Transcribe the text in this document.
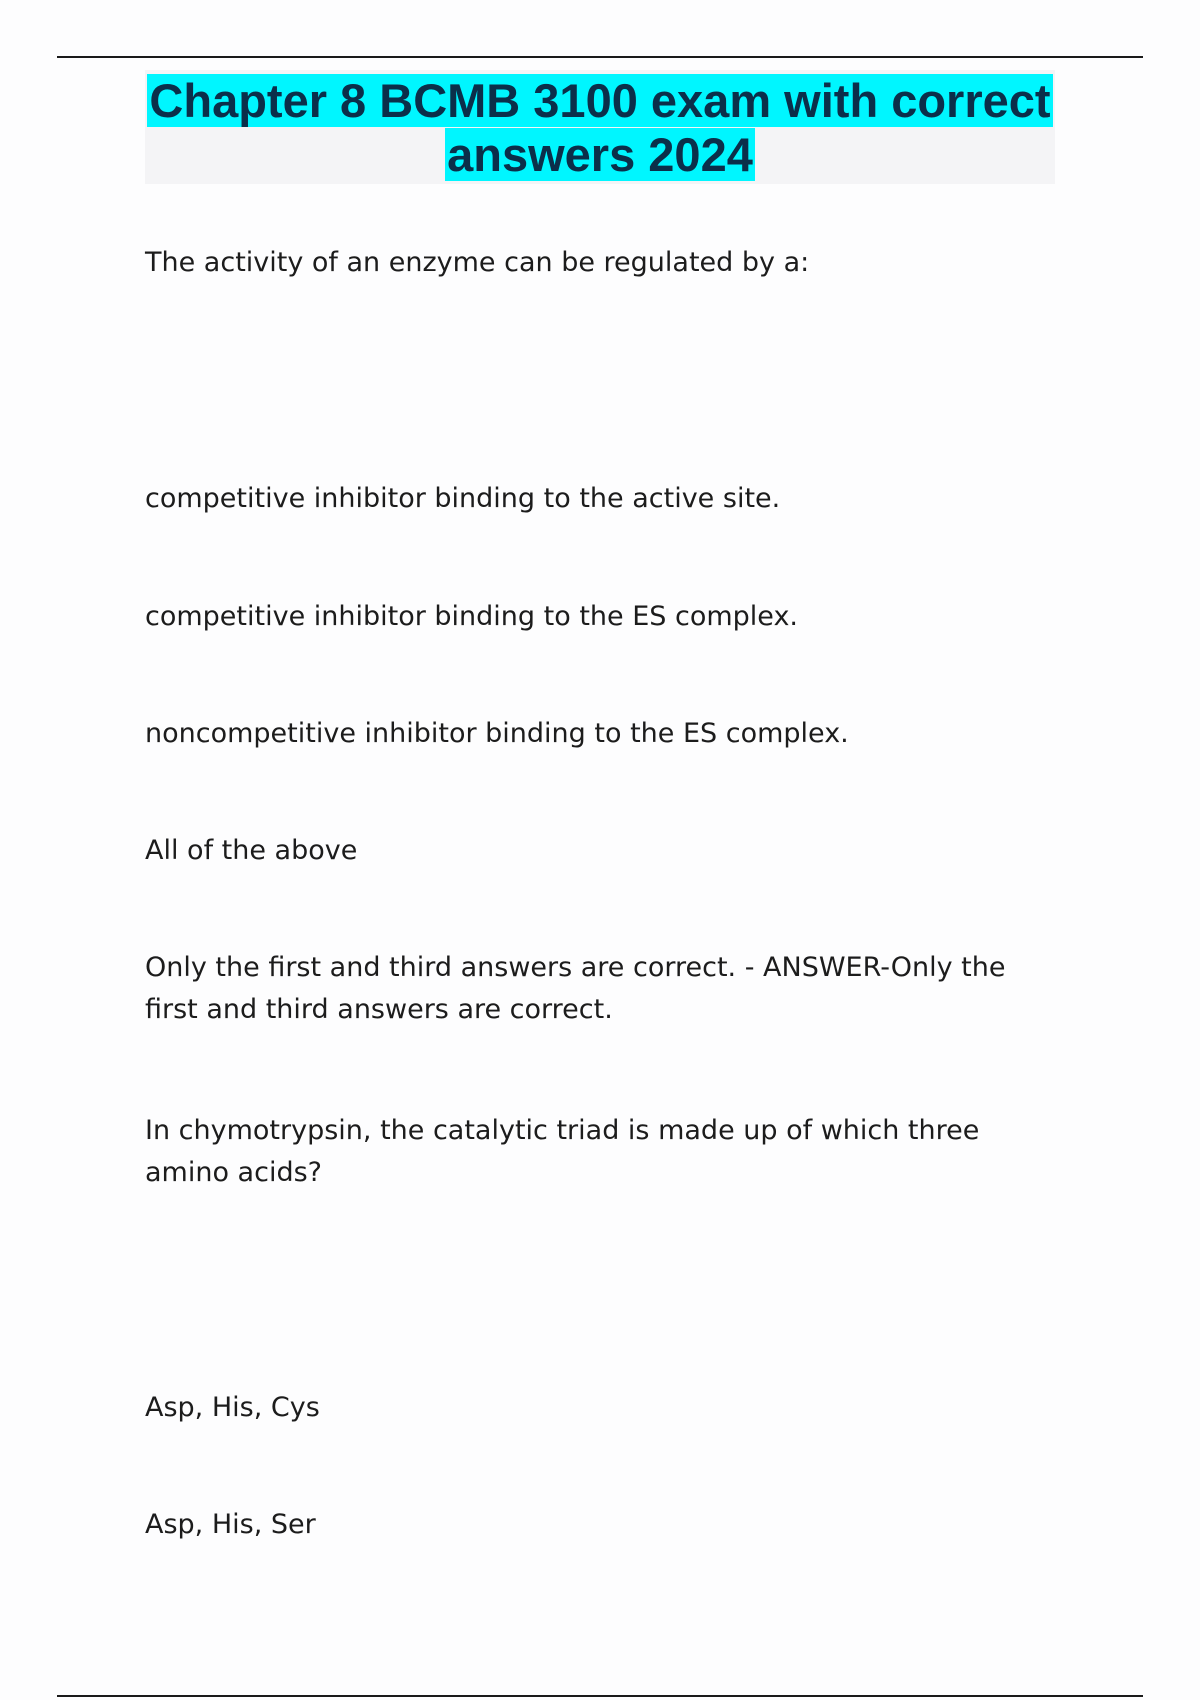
Chapter 8 BCMB 3100 exam with correct answers 2024

The activity of an enzyme can be regulated by a:

competitive inhibitor binding to the active site.

competitive inhibitor binding to the ES complex.

noncompetitive inhibitor binding to the ES complex.

All of the above

Only the first and third answers are correct. - ANSWER-Only the first and third answers are correct.

In chymotrypsin, the catalytic triad is made up of which three amino acids?

Asp, His, Cys

Asp, His, Ser
